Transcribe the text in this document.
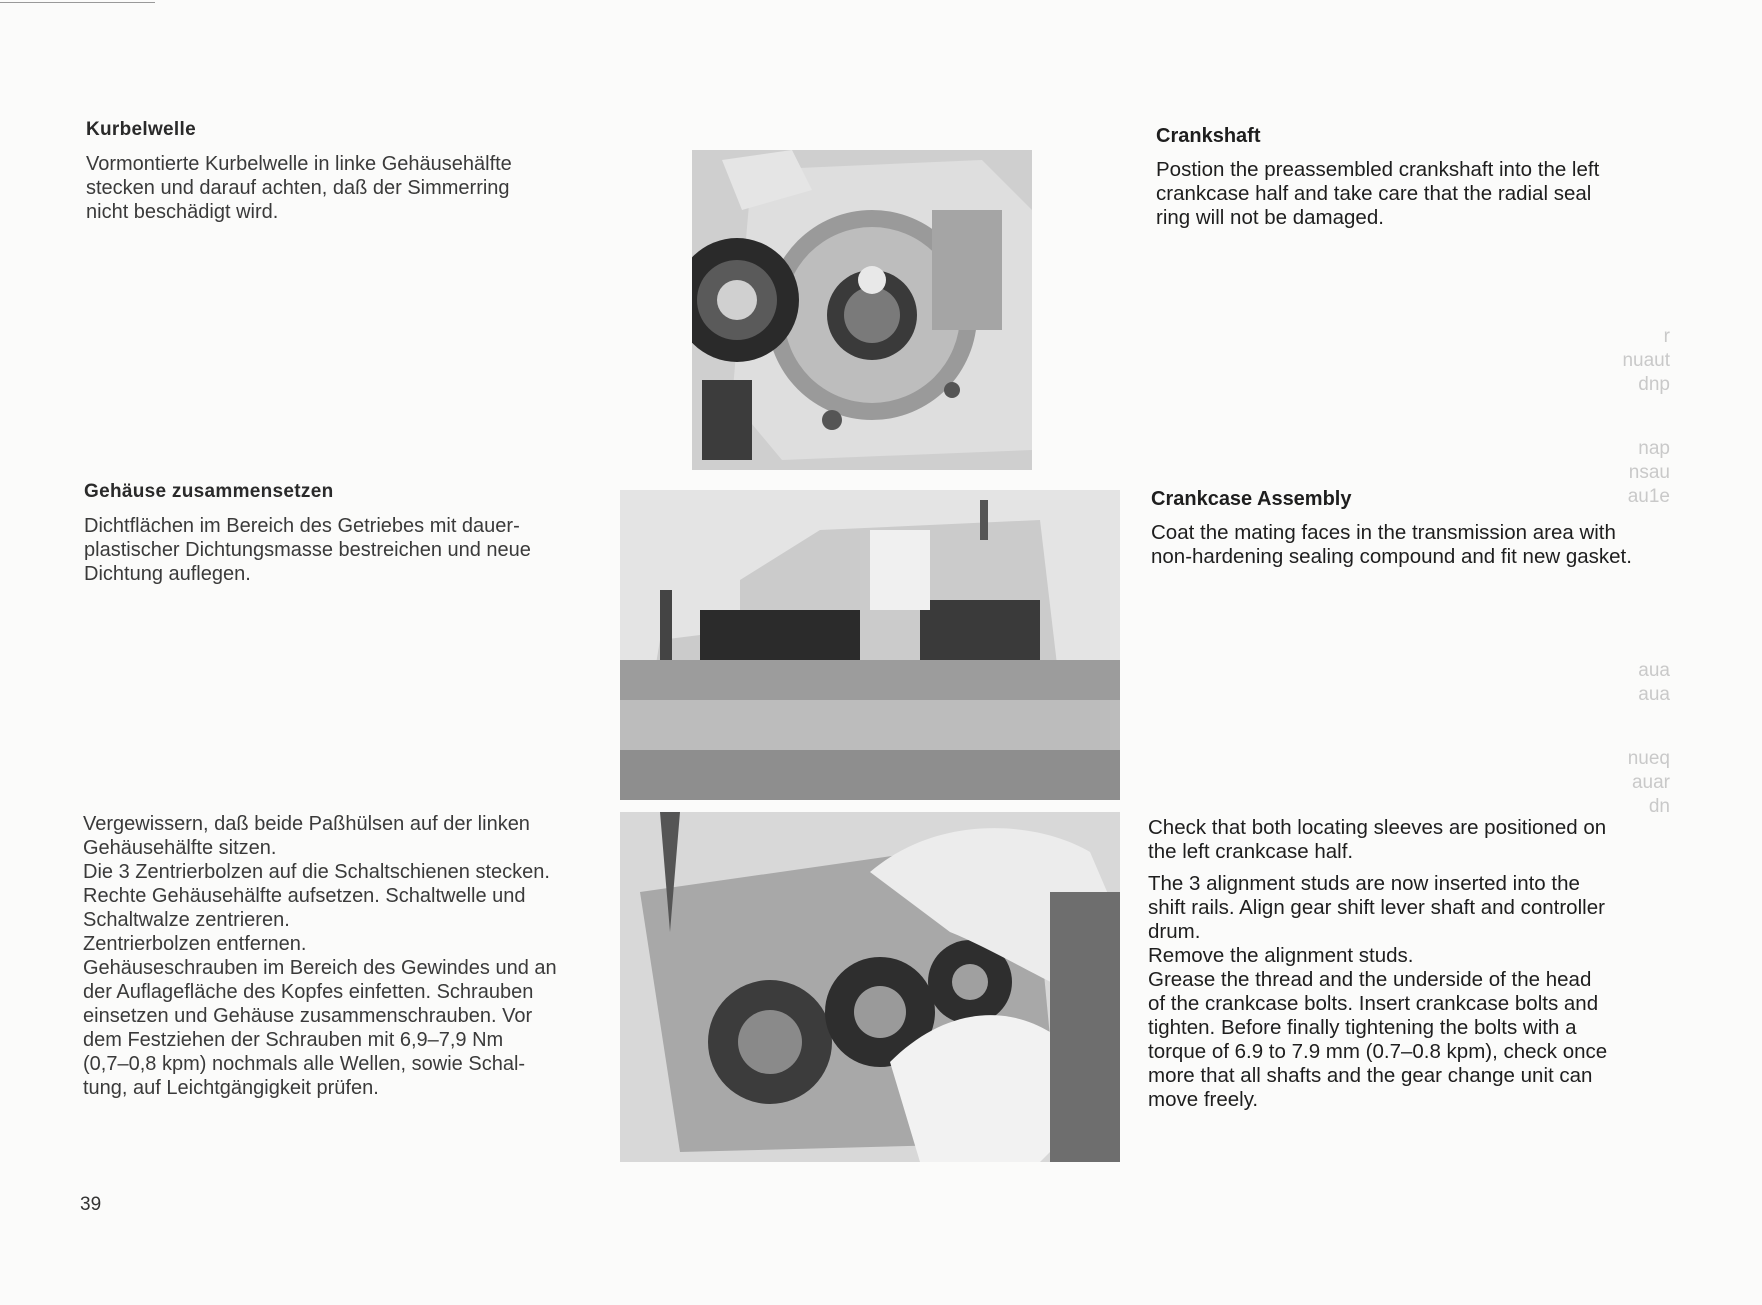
Kurbelwelle
Vormontierte Kurbelwelle in linke Gehäusehälfte
stecken und darauf achten, daß der Simmerring
nicht beschädigt wird.
Gehäuse zusammensetzen
Dichtflächen im Bereich des Getriebes mit dauer-
plastischer Dichtungsmasse bestreichen und neue
Dichtung auflegen.
Vergewissern, daß beide Paßhülsen auf der linken
Gehäusehälfte sitzen.
Die 3 Zentrierbolzen auf die Schaltschienen stecken.
Rechte Gehäusehälfte aufsetzen. Schaltwelle und
Schaltwalze zentrieren.
Zentrierbolzen entfernen.
Gehäuseschrauben im Bereich des Gewindes und an
der Auflagefläche des Kopfes einfetten. Schrauben
einsetzen und Gehäuse zusammenschrauben. Vor
dem Festziehen der Schrauben mit 6,9–7,9 Nm
(0,7–0,8 kpm) nochmals alle Wellen, sowie Schal-
tung, auf Leichtgängigkeit prüfen.
Crankshaft
Postion the preassembled crankshaft into the left
crankcase half and take care that the radial seal
ring will not be damaged.
Crankcase Assembly
Coat the mating faces in the transmission area with
non-hardening sealing compound and fit new gasket.
Check that both locating sleeves are positioned on
the left crankcase half.
The 3 alignment studs are now inserted into the
shift rails. Align gear shift lever shaft and controller
drum.
Remove the alignment studs.
Grease the thread and the underside of the head
of the crankcase bolts. Insert crankcase bolts and
tighten. Before finally tightening the bolts with a
torque of 6.9 to 7.9 mm (0.7–0.8 kpm), check once
more that all shafts and the gear change unit can
move freely.
r
nuaut
dnp
nap
nsau
au1e
aua
aua
nueq
auar
dn
39
